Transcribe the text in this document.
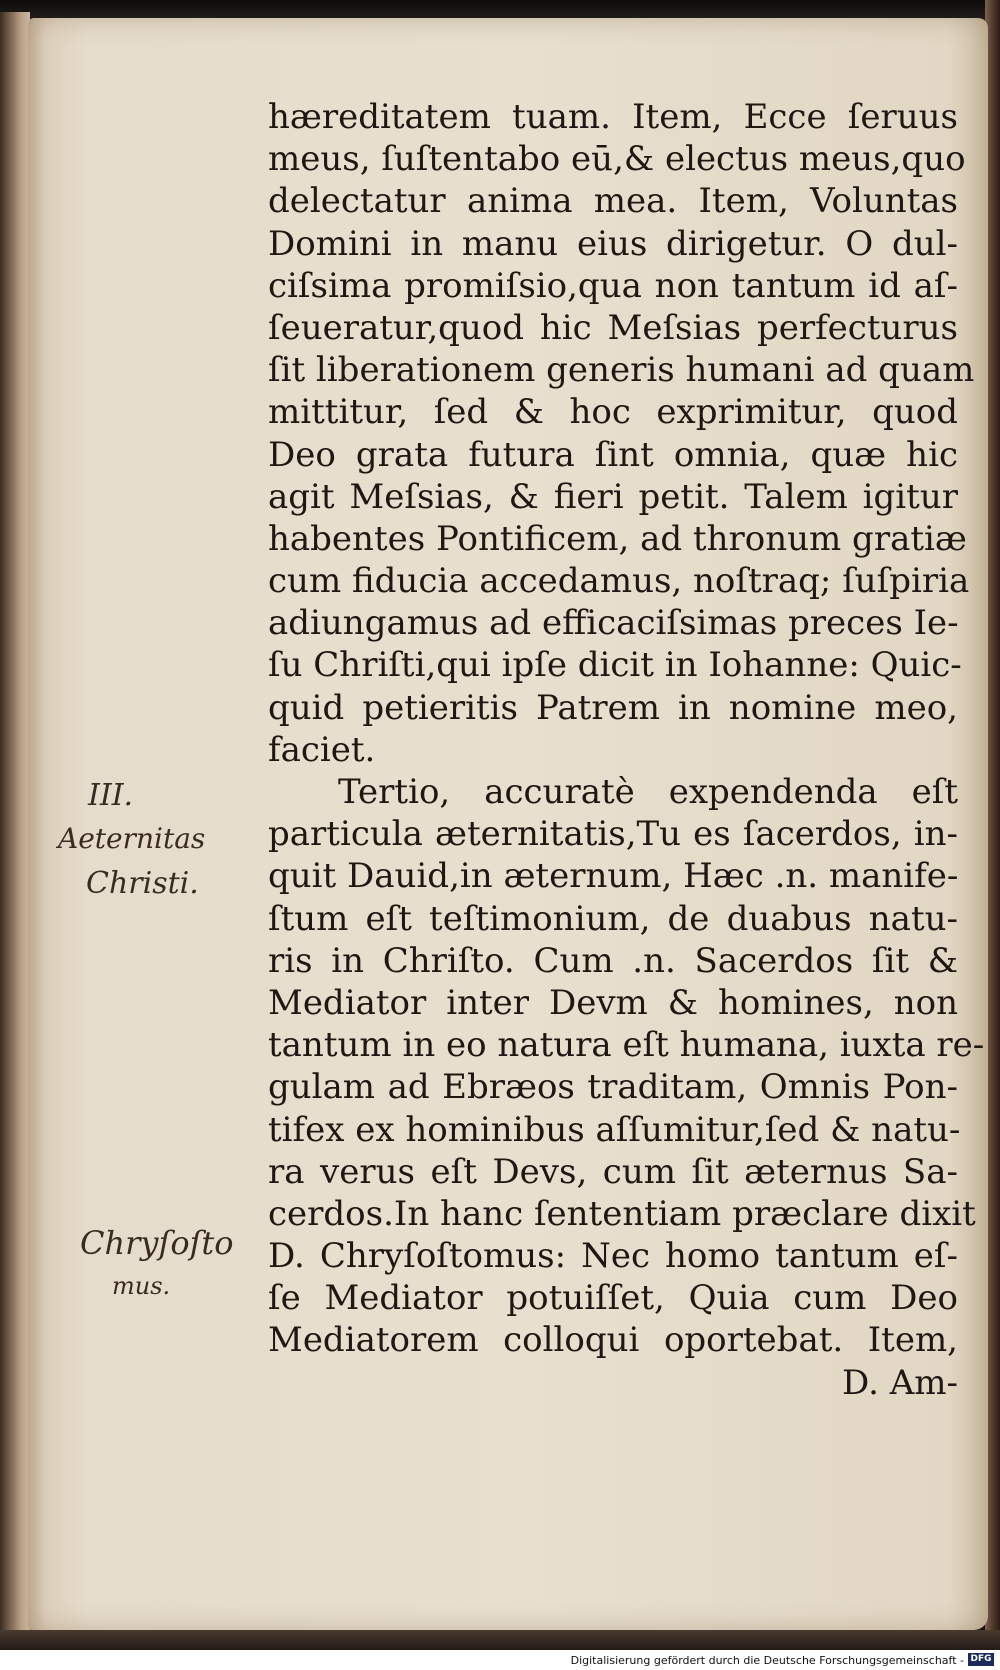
hæreditatem tuam. Item, Ecce ſeruus
meus, ſuſtentabo eū,& electus meus,quo
delectatur anima mea. Item, Voluntas
Domini in manu eius dirigetur. O dul-
ciſsima promiſsio,qua non tantum id aſ-
ſeueratur,quod hic Meſsias perfecturus
ſit liberationem generis humani ad quam
mittitur, ſed & hoc exprimitur, quod
Deo grata futura ſint omnia, quæ hic
agit Meſsias, & fieri petit. Talem igitur
habentes Pontificem, ad thronum gratiæ
cum fiducia accedamus, noſtraq; ſuſpiria
adiungamus ad efficaciſsimas preces Ie-
ſu Chriſti,qui ipſe dicit in Iohanne: Quic-
quid petieritis Patrem in nomine meo,
faciet.
Tertio, accuratè expendenda eſt
particula æternitatis,Tu es ſacerdos, in-
quit Dauid,in æternum, Hæc .n. manife-
ſtum eſt teſtimonium, de duabus natu-
ris in Chriſto. Cum .n. Sacerdos ſit &
Mediator inter Devm & homines, non
tantum in eo natura eſt humana, iuxta re-
gulam ad Ebræos traditam, Omnis Pon-
tifex ex hominibus aſſumitur,ſed & natu-
ra verus eſt Devs, cum ſit æternus Sa-
cerdos.In hanc ſententiam præclare dixit
D. Chryſoſtomus: Nec homo tantum eſ-
ſe Mediator potuiſſet, Quia cum Deo
Mediatorem colloqui oportebat. Item,
D. Am-
III.
Aeternitas
Christi.
Chryſoſto
mus.
Digitalisierung gefördert durch die Deutsche Forschungsgemeinschaft - DFG
